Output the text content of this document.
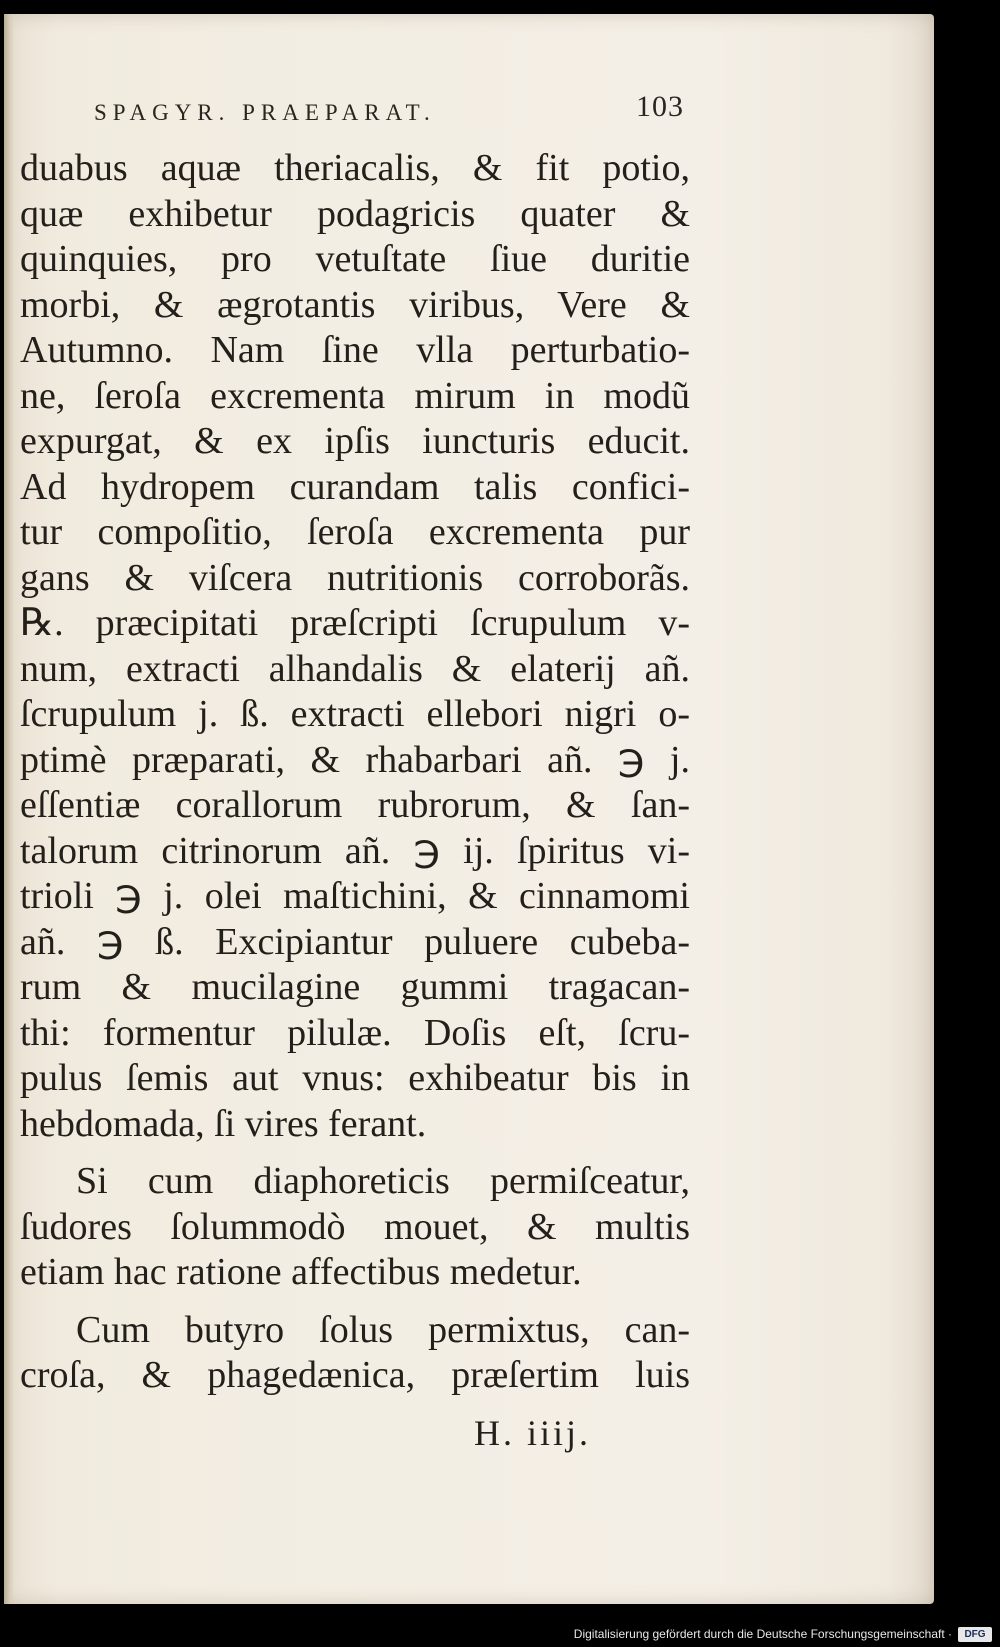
SPAGYR. PRAEPARAT.	103
duabus aquæ theriacalis, & fit potio,
quæ exhibetur podagricis quater &
quinquies, pro vetuſtate ſiue duritie
morbi, & ægrotantis viribus, Vere &
Autumno. Nam ſine vlla perturbatio-
ne, ſeroſa excrementa mirum in modũ
expurgat, & ex ipſis iuncturis educit.
Ad hydropem curandam talis confici-
tur compoſitio, ſeroſa excrementa pur
gans & viſcera nutritionis corroborãs.
℞. præcipitati præſcripti ſcrupulum v-
num, extracti alhandalis & elaterij añ.
ſcrupulum j. ß. extracti ellebori nigri o-
ptimè præparati, & rhabarbari añ. ℈ j.
eſſentiæ corallorum rubrorum, & ſan-
talorum citrinorum añ. ℈ ij. ſpiritus vi-
trioli ℈ j. olei maſtichini, & cinnamomi
añ. ℈ ß. Excipiantur puluere cubeba-
rum & mucilagine gummi tragacan-
thi: formentur pilulæ. Doſis eſt, ſcru-
pulus ſemis aut vnus: exhibeatur bis in
hebdomada, ſi vires ferant.
Si cum diaphoreticis permiſceatur,
ſudores ſolummodò mouet, & multis
etiam hac ratione affectibus medetur.
Cum butyro ſolus permixtus, can-
croſa, & phagedænica, præſertim luis
H. iiij.
Digitalisierung gefördert durch die Deutsche Forschungsgemeinschaft ·	DFG
